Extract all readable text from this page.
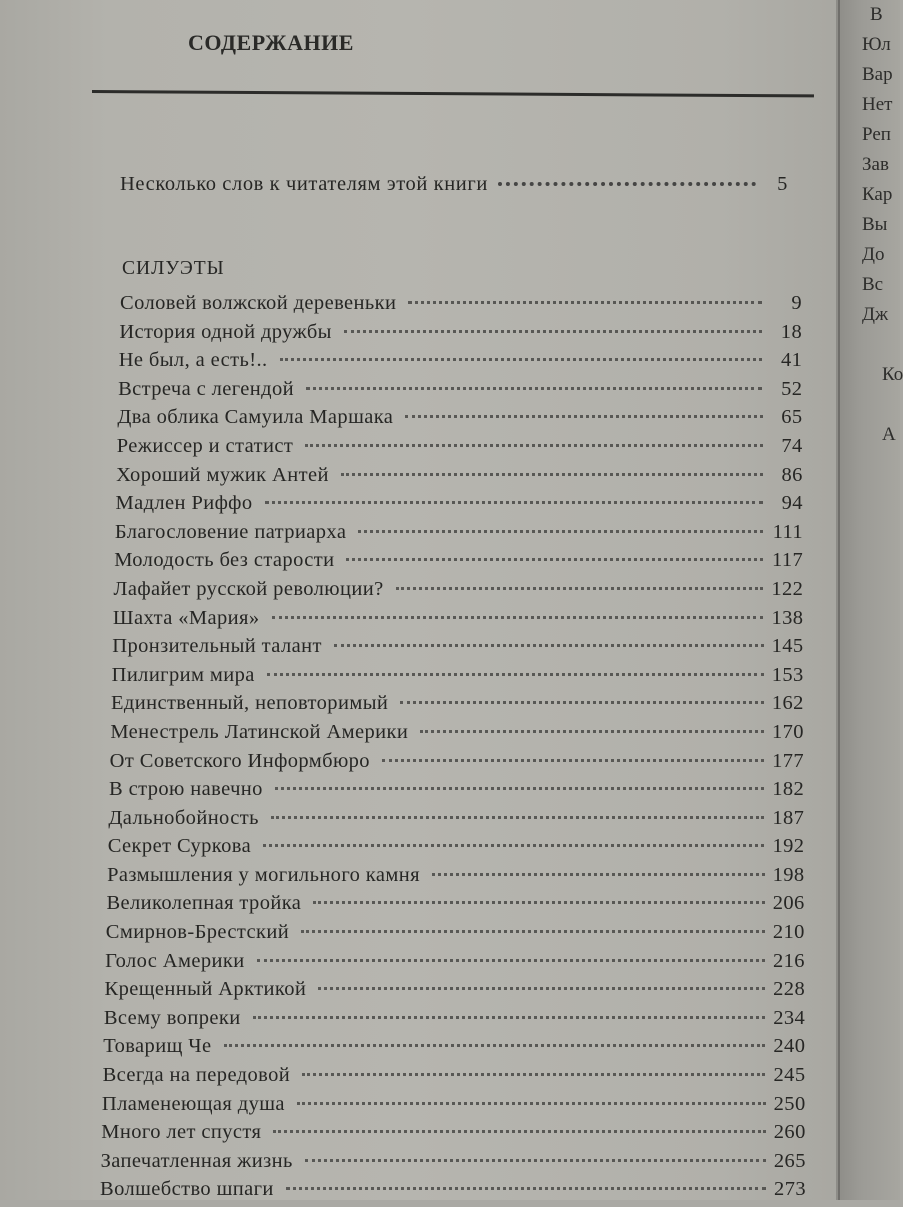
СОДЕРЖАНИЕ
Несколько слов к читателям этой книги	5
СИЛУЭТЫ
Соловей волжской деревеньки	9
История одной дружбы	18
Не был, а есть!..	41
Встреча с легендой	52
Два облика Самуила Маршака	65
Режиссер и статист	74
Хороший мужик Антей	86
Мадлен Риффо	94
Благословение патриарха	111
Молодость без старости	117
Лафайет русской революции?	122
Шахта «Мария»	138
Пронзительный талант	145
Пилигрим мира	153
Единственный, неповторимый	162
Менестрель Латинской Америки	170
От Советского Информбюро	177
В строю навечно	182
Дальнобойность	187
Секрет Суркова	192
Размышления у могильного камня	198
Великолепная тройка	206
Смирнов-Брестский	210
Голос Америки	216
Крещенный Арктикой	228
Всему вопреки	234
Товарищ Че	240
Всегда на передовой	245
Пламенеющая душа	250
Много лет спустя	260
Запечатленная жизнь	265
Волшебство шпаги	273
В
Юл
Вар
Нет
Реп
Зав
Кар
Вы
До
Вс
Дж
Ко
А
